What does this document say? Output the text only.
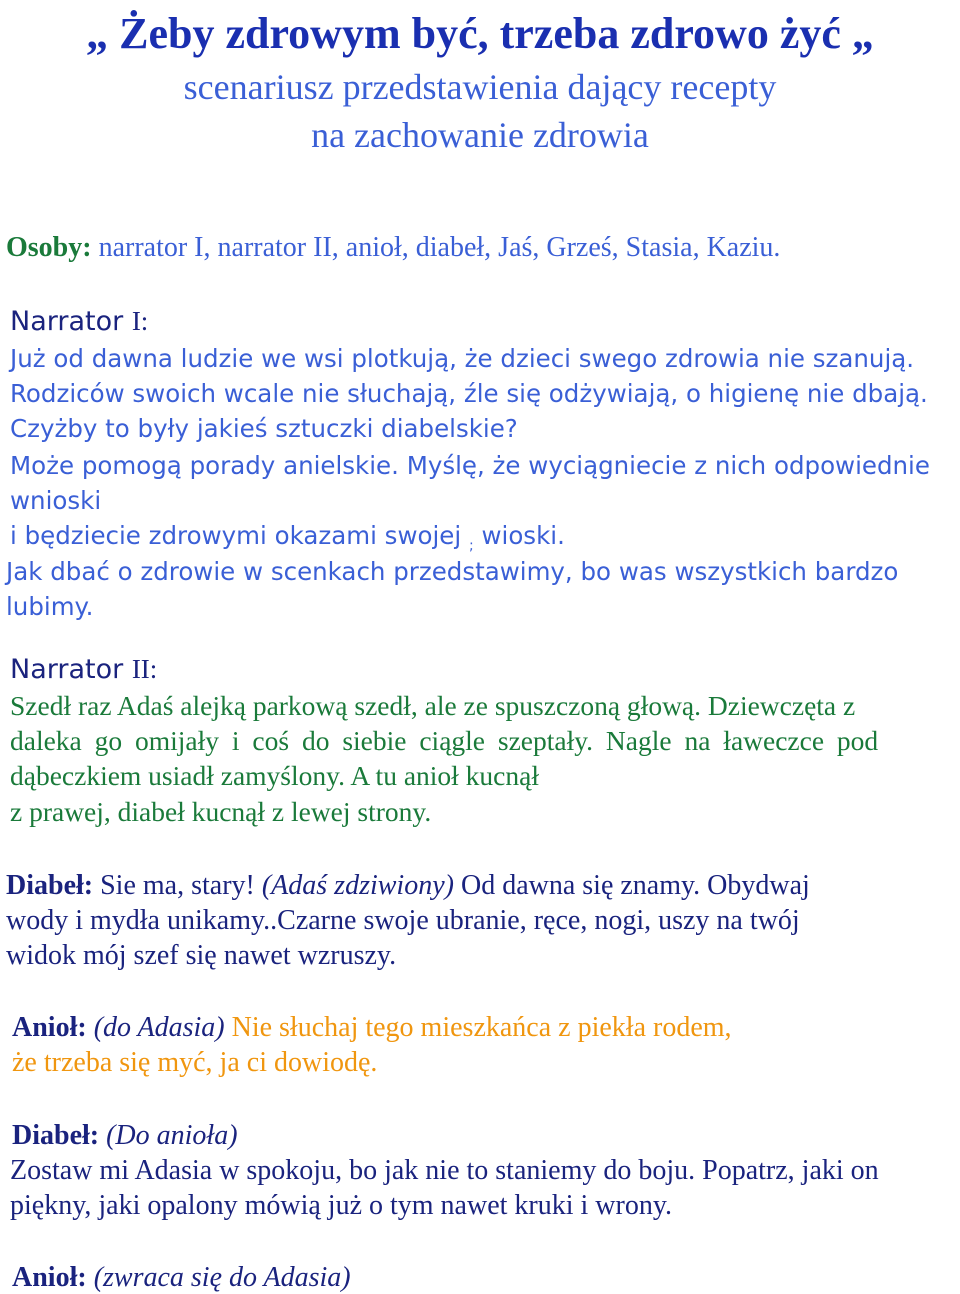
„ Żeby zdrowym być, trzeba zdrowo żyć „
scenariusz przedstawienia dający recepty
na zachowanie zdrowia
Osoby: narrator I, narrator II, anioł, diabeł, Jaś, Grześ, Stasia, Kaziu.
Narrator I:
Już od dawna ludzie we wsi plotkują, że dzieci swego zdrowia nie szanują.
Rodziców swoich wcale nie słuchają, źle się odżywiają, o higienę nie dbają.
Czyżby to były jakieś sztuczki diabelskie?
Może pomogą porady anielskie. Myślę, że wyciągniecie z nich odpowiednie
wnioski
i będziecie zdrowymi okazami swojej $_;$ wioski.
Jak dbać o zdrowie w scenkach przedstawimy, bo was wszystkich bardzo
lubimy.
Narrator II:
Szedł raz Adaś alejką parkową szedł, ale ze spuszczoną głową. Dziewczęta z
daleka go omijały i coś do siebie ciągle szeptały. Nagle na ławeczce pod
dąbeczkiem usiadł zamyślony. A tu anioł kucnął
z prawej, diabeł kucnął z lewej strony.
Diabeł: Sie ma, stary! (Adaś zdziwiony) Od dawna się znamy. Obydwaj
wody i mydła unikamy..Czarne swoje ubranie, ręce, nogi, uszy na twój
widok mój szef się nawet wzruszy.
Anioł: (do Adasia) Nie słuchaj tego mieszkańca z piekła rodem,
że trzeba się myć, ja ci dowiodę.
Diabeł: (Do anioła)
Zostaw mi Adasia w spokoju, bo jak nie to staniemy do boju. Popatrz, jaki on
piękny, jaki opalony mówią już o tym nawet kruki i wrony.
Anioł: (zwraca się do Adasia)
